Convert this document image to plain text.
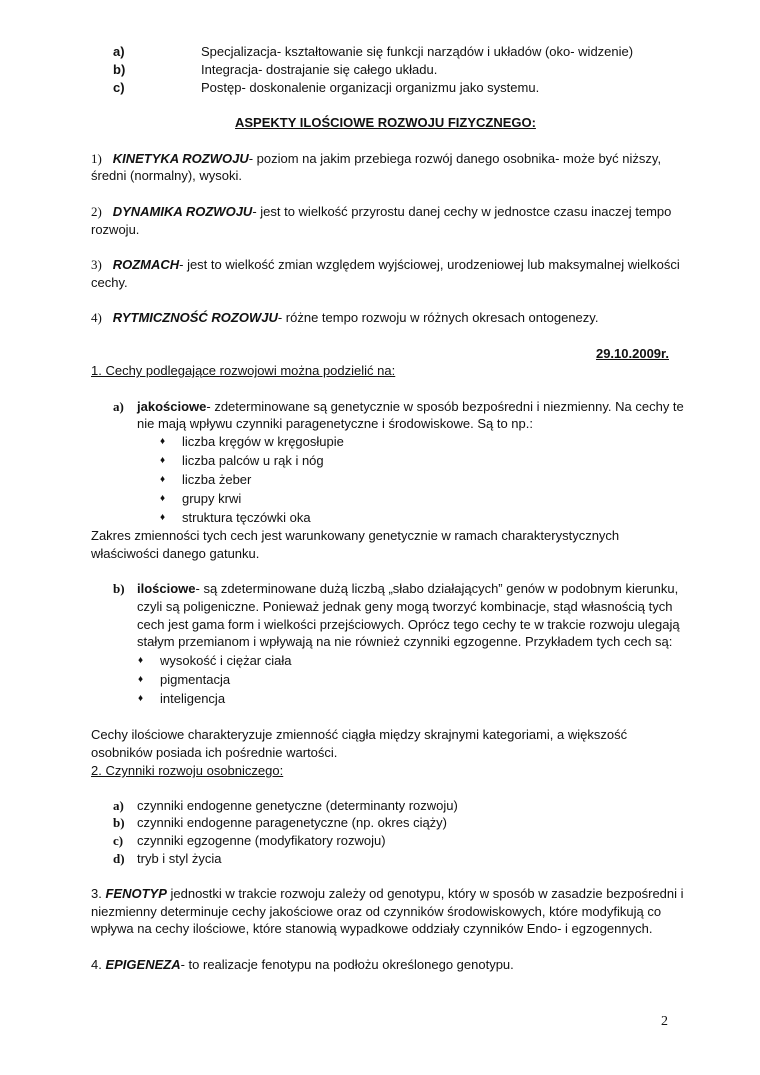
a)	Specjalizacja- kształtowanie się funkcji narządów i układów (oko- widzenie)
b)	Integracja- dostrajanie się całego układu.
c)	Postęp- doskonalenie organizacji organizmu jako systemu.
ASPEKTY ILOŚCIOWE ROZWOJU FIZYCZNEGO:
1) KINETYKA ROZWOJU- poziom na jakim przebiega rozwój danego osobnika- może być niższy,
średni (normalny), wysoki.
2) DYNAMIKA ROZWOJU- jest to wielkość przyrostu danej cechy w jednostce czasu inaczej tempo
rozwoju.
3) ROZMACH- jest to wielkość zmian względem wyjściowej, urodzeniowej lub maksymalnej wielkości
cechy.
4) RYTMICZNOŚĆ ROZOWJU- różne tempo rozwoju w różnych okresach ontogenezy.
29.10.2009r.
1. Cechy podlegające rozwojowi można podzielić na:
a) jakościowe- zdeterminowane są genetycznie w sposób bezpośredni i niezmienny. Na cechy te
nie mają wpływu czynniki paragenetyczne i środowiskowe. Są to np.:
♦ liczba kręgów w kręgosłupie
♦ liczba palców u rąk i nóg
♦ liczba żeber
♦ grupy krwi
♦ struktura tęczówki oka
Zakres zmienności tych cech jest warunkowany genetycznie w ramach charakterystycznych
właściwości danego gatunku.
b) ilościowe- są zdeterminowane dużą liczbą „słabo działających” genów w podobnym kierunku,
czyli są poligeniczne. Ponieważ jednak geny mogą tworzyć kombinacje, stąd własnością tych
cech jest gama form i wielkości przejściowych. Oprócz tego cechy te w trakcie rozwoju ulegają
stałym przemianom i wpływają na nie również czynniki egzogenne. Przykładem tych cech są:
♦ wysokość i ciężar ciała
♦ pigmentacja
♦ inteligencja
Cechy ilościowe charakteryzuje zmienność ciągła między skrajnymi kategoriami, a większość
osobników posiada ich pośrednie wartości.
2. Czynniki rozwoju osobniczego:
a) czynniki endogenne genetyczne (determinanty rozwoju)
b) czynniki endogenne paragenetyczne (np. okres ciąży)
c) czynniki egzogenne (modyfikatory rozwoju)
d) tryb i styl życia
3. FENOTYP jednostki w trakcie rozwoju zależy od genotypu, który w sposób w zasadzie bezpośredni i
niezmienny determinuje cechy jakościowe oraz od czynników środowiskowych, które modyfikują co
wpływa na cechy ilościowe, które stanowią wypadkowe oddziały czynników Endo- i egzogennych.
4. EPIGENEZA- to realizacje fenotypu na podłożu określonego genotypu.
2
